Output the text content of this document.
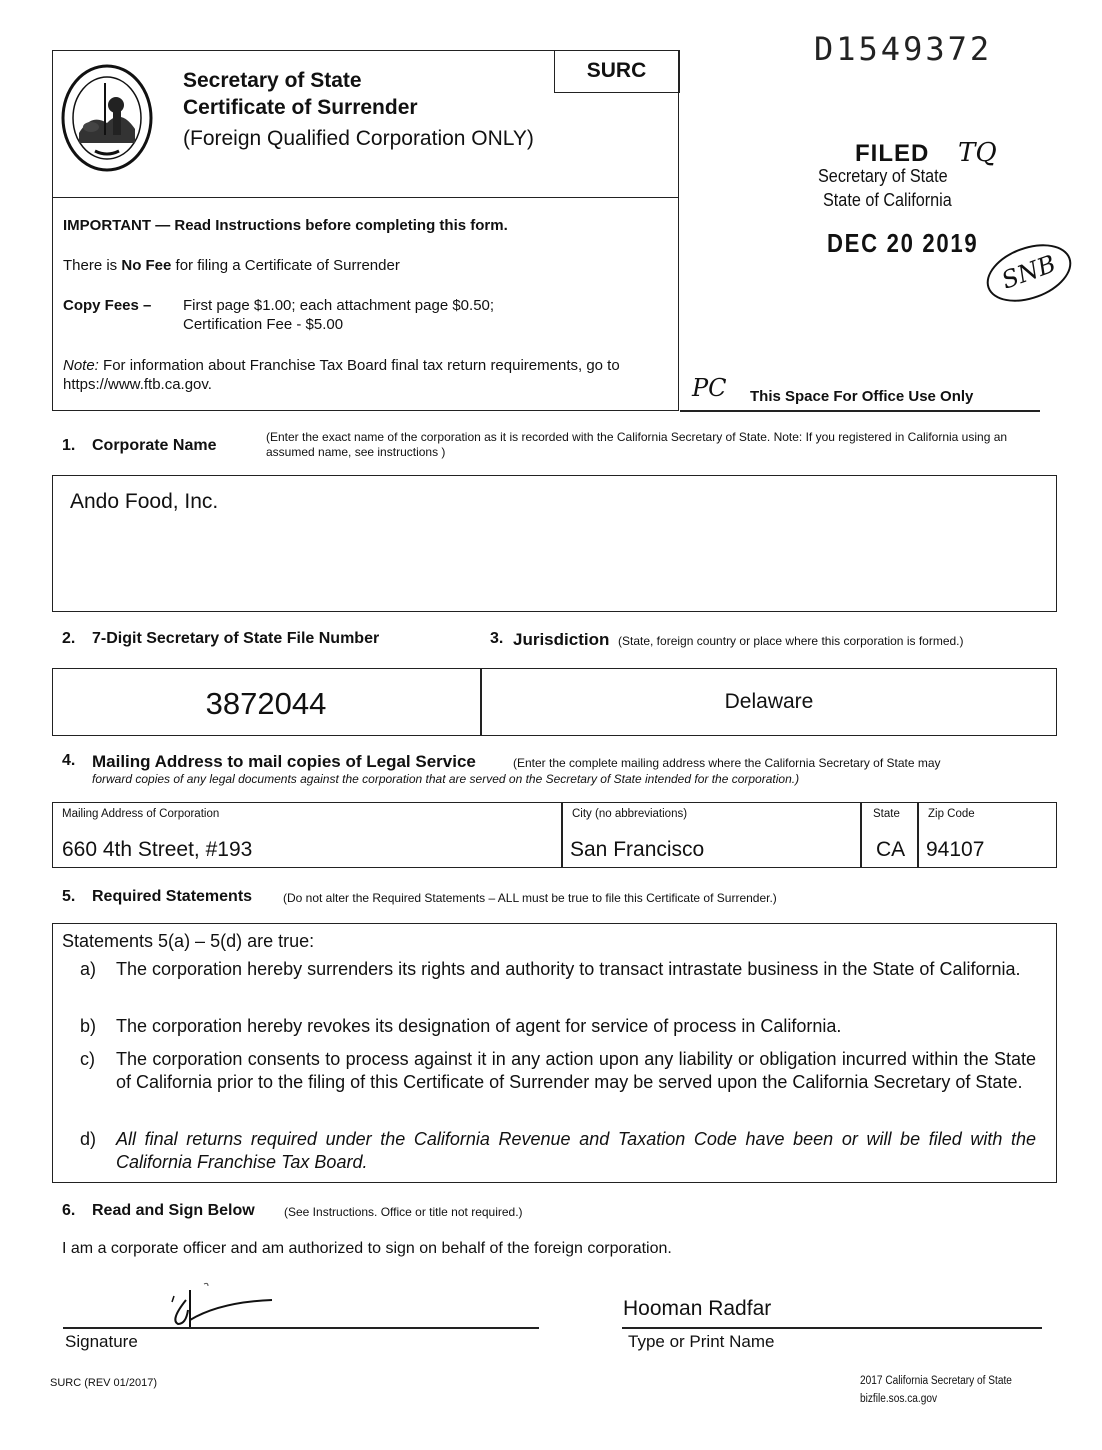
Secretary of State
Certificate of Surrender
(Foreign Qualified Corporation ONLY)
SURC
IMPORTANT — Read Instructions before completing this form.
There is No Fee for filing a Certificate of Surrender
Copy Fees – First page $1.00; each attachment page $0.50;
Certification Fee - $5.00
Note: For information about Franchise Tax Board final tax return requirements, go to https://www.ftb.ca.gov.
D1549372
FILED TQ
Secretary of State
State of California
DEC 20 2019
SNB
PC This Space For Office Use Only
1. Corporate Name	(Enter the exact name of the corporation as it is recorded with the California Secretary of State. Note: If you registered in California using an assumed name, see instructions )
Ando Food, Inc.
2. 7-Digit Secretary of State File Number	3. Jurisdiction (State, foreign country or place where this corporation is formed.)
3872044	Delaware
4. Mailing Address to mail copies of Legal Service	(Enter the complete mailing address where the California Secretary of State may
forward copies of any legal documents against the corporation that are served on the Secretary of State intended for the corporation.)
Mailing Address of Corporation
660 4th Street, #193
City (no abbreviations)
San Francisco
State
CA
Zip Code
94107
5. Required Statements	(Do not alter the Required Statements – ALL must be true to file this Certificate of Surrender.)
Statements 5(a) – 5(d) are true:
a) The corporation hereby surrenders its rights and authority to transact intrastate business in the State of California.
b) The corporation hereby revokes its designation of agent for service of process in California.
c) The corporation consents to process against it in any action upon any liability or obligation incurred within the State of California prior to the filing of this Certificate of Surrender may be served upon the California Secretary of State.
d) All final returns required under the California Revenue and Taxation Code have been or will be filed with the California Franchise Tax Board.
6. Read and Sign Below (See Instructions. Office or title not required.)
I am a corporate officer and am authorized to sign on behalf of the foreign corporation.
Signature
Hooman Radfar
Type or Print Name
SURC (REV 01/2017)	2017 California Secretary of State
bizfile.sos.ca.gov
